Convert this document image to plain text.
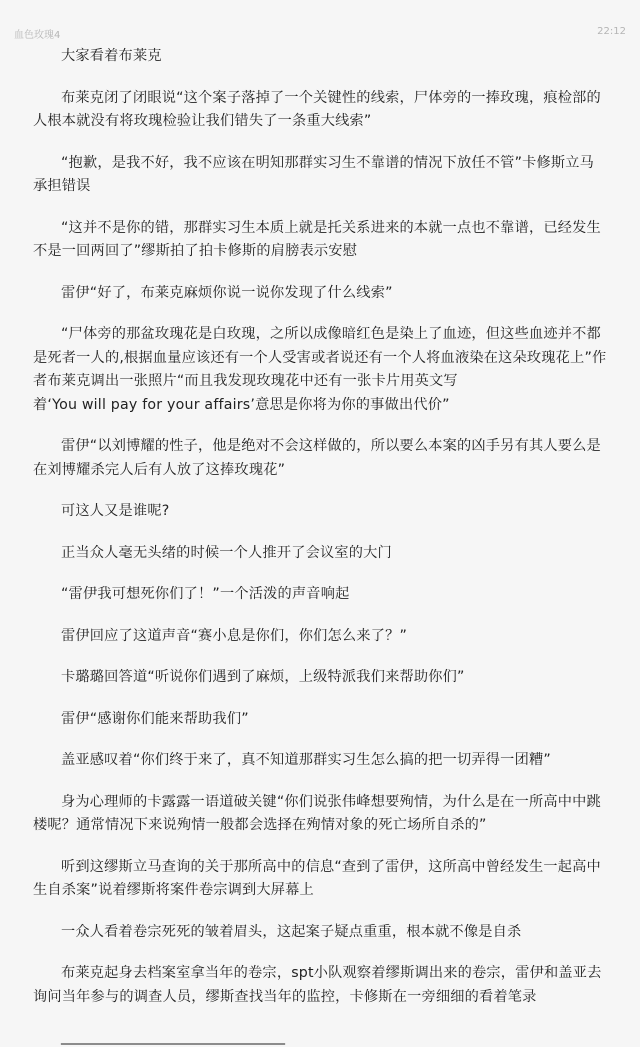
血色玫瑰4	22:12

大家看着布莱克

布莱克闭了闭眼说“这个案子落掉了一个关键性的线索，尸体旁的一捧玫瑰，痕检部的人根本就没有将玫瑰检验让我们错失了一条重大线索”

“抱歉，是我不好，我不应该在明知那群实习生不靠谱的情况下放任不管”卡修斯立马承担错误

“这并不是你的错，那群实习生本质上就是托关系进来的本就一点也不靠谱，已经发生不是一回两回了”缪斯拍了拍卡修斯的肩膀表示安慰

雷伊“好了，布莱克麻烦你说一说你发现了什么线索”

“尸体旁的那盆玫瑰花是白玫瑰，之所以成像暗红色是染上了血迹，但这些血迹并不都是死者一人的,根据血量应该还有一个人受害或者说还有一个人将血液染在这朵玫瑰花上”作者布莱克调出一张照片“而且我发现玫瑰花中还有一张卡片用英文写
着‘You will pay for your affairs’意思是你将为你的事做出代价”

雷伊“以刘博耀的性子，他是绝对不会这样做的，所以要么本案的凶手另有其人要么是在刘博耀杀完人后有人放了这捧玫瑰花”

可这人又是谁呢?

正当众人毫无头绪的时候一个人推开了会议室的大门

“雷伊我可想死你们了！”一个活泼的声音响起

雷伊回应了这道声音“赛小息是你们，你们怎么来了？”

卡璐璐回答道“听说你们遇到了麻烦，上级特派我们来帮助你们”

雷伊“感谢你们能来帮助我们”

盖亚感叹着“你们终于来了，真不知道那群实习生怎么搞的把一切弄得一团糟”

身为心理师的卡露露一语道破关键“你们说张伟峰想要殉情，为什么是在一所高中中跳楼呢？通常情况下来说殉情一般都会选择在殉情对象的死亡场所自杀的”

听到这缪斯立马查询的关于那所高中的信息“查到了雷伊，这所高中曾经发生一起高中生自杀案”说着缪斯将案件卷宗调到大屏幕上

一众人看着卷宗死死的皱着眉头，这起案子疑点重重，根本就不像是自杀

布莱克起身去档案室拿当年的卷宗，spt小队观察着缪斯调出来的卷宗，雷伊和盖亚去询问当年参与的调查人员，缪斯查找当年的监控，卡修斯在一旁细细的看着笔录

________________________________
